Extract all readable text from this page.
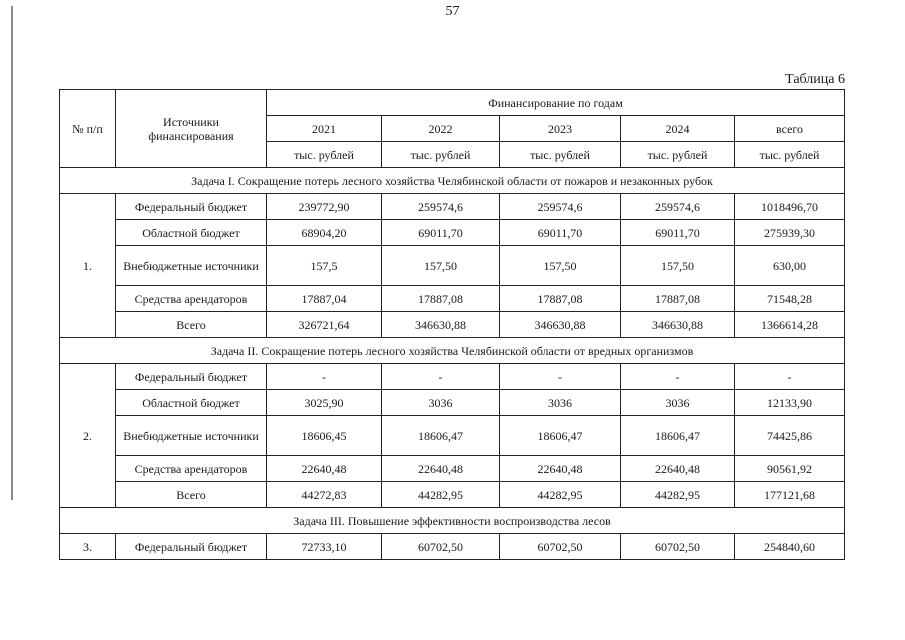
57
Таблица 6
№ п/п	Источники финансирования	Финансирование по годам				
		2021	2022	2023	2024	всего
		тыс. рублей	тыс. рублей	тыс. рублей	тыс. рублей	тыс. рублей
Задача I. Сокращение потерь лесного хозяйства Челябинской области от пожаров и незаконных рубок						
1.	Федеральный бюджет	239772,90	259574,6	259574,6	259574,6	1018496,70
	Областной бюджет	68904,20	69011,70	69011,70	69011,70	275939,30
	Внебюджетные источники	157,5	157,50	157,50	157,50	630,00
	Средства арендаторов	17887,04	17887,08	17887,08	17887,08	71548,28
	Всего	326721,64	346630,88	346630,88	346630,88	1366614,28
Задача II. Сокращение потерь лесного хозяйства Челябинской области от вредных организмов						
2.	Федеральный бюджет	-	-	-	-	-
	Областной бюджет	3025,90	3036	3036	3036	12133,90
	Внебюджетные источники	18606,45	18606,47	18606,47	18606,47	74425,86
	Средства арендаторов	22640,48	22640,48	22640,48	22640,48	90561,92
	Всего	44272,83	44282,95	44282,95	44282,95	177121,68
Задача III. Повышение эффективности воспроизводства лесов						
3.	Федеральный бюджет	72733,10	60702,50	60702,50	60702,50	254840,60
